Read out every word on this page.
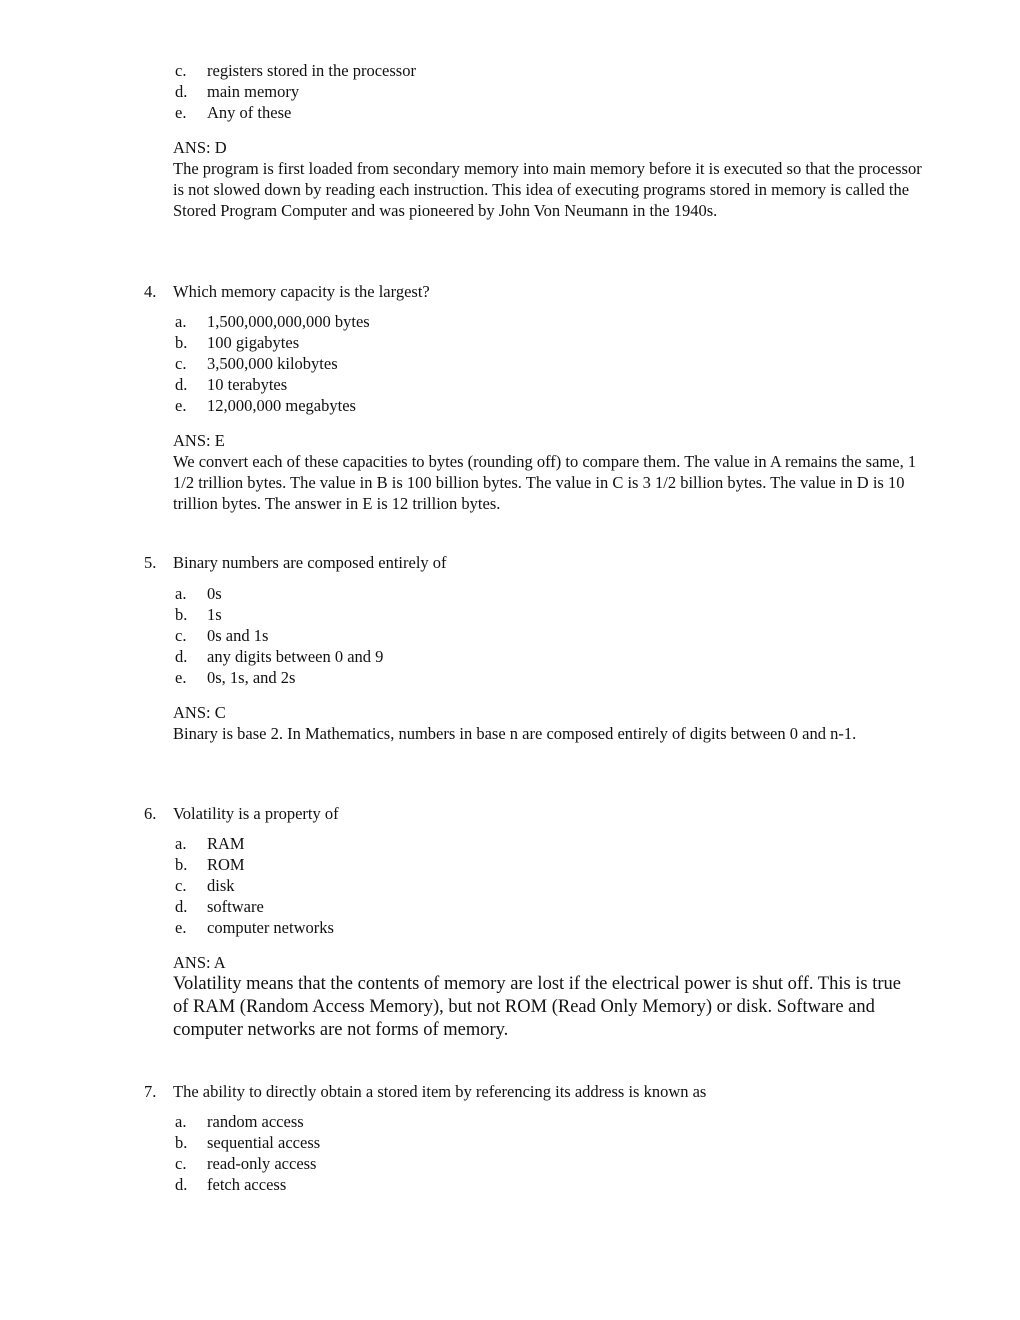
c.	registers stored in the processor
d.	main memory
e.	Any of these
ANS: D
The program is first loaded from secondary memory into main memory before it is executed so that the processor is not slowed down by reading each instruction. This idea of executing programs stored in memory is called the Stored Program Computer and was pioneered by John Von Neumann in the 1940s.
4. Which memory capacity is the largest?
a.	1,500,000,000,000 bytes
b.	100 gigabytes
c.	3,500,000 kilobytes
d.	10 terabytes
e.	12,000,000 megabytes
ANS: E
We convert each of these capacities to bytes (rounding off) to compare them. The value in A remains the same, 1 1/2 trillion bytes. The value in B is 100 billion bytes. The value in C is 3 1/2 billion bytes. The value in D is 10 trillion bytes. The answer in E is 12 trillion bytes.
5. Binary numbers are composed entirely of
a.	0s
b.	1s
c.	0s and 1s
d.	any digits between 0 and 9
e.	0s, 1s, and 2s
ANS: C
Binary is base 2. In Mathematics, numbers in base n are composed entirely of digits between 0 and n-1.
6. Volatility is a property of
a.	RAM
b.	ROM
c.	disk
d.	software
e.	computer networks
ANS: A
Volatility means that the contents of memory are lost if the electrical power is shut off. This is true of RAM (Random Access Memory), but not ROM (Read Only Memory) or disk. Software and computer networks are not forms of memory.
7. The ability to directly obtain a stored item by referencing its address is known as
a.	random access
b.	sequential access
c.	read-only access
d.	fetch access
